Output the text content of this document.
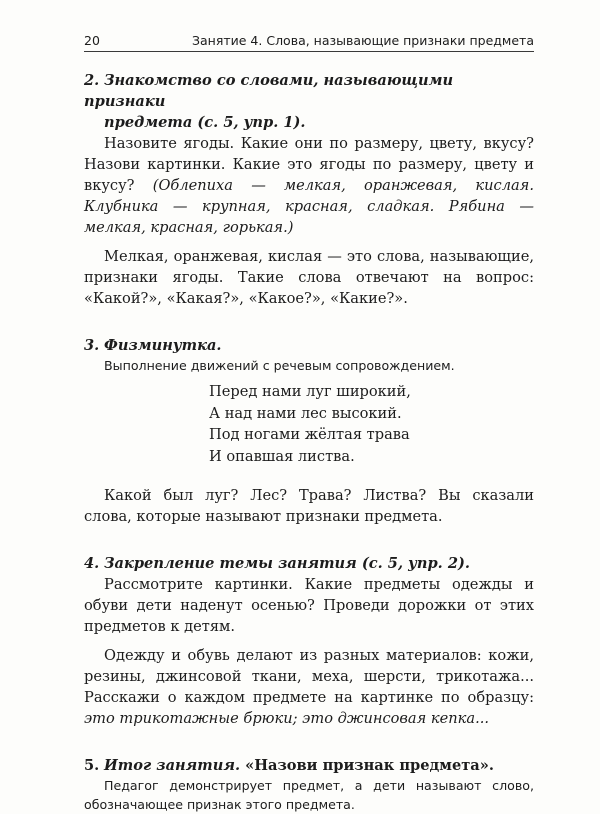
20	Занятие 4. Слова, называющие признаки предмета

2. Знакомство со словами, называющими признаки
предмета (с. 5, упр. 1).

Назовите ягоды. Какие они по размеру, цвету, вкусу? Назови картинки. Какие это ягоды по размеру, цвету и вкусу? (Облепиха — мелкая, оранжевая, кислая. Клубника — крупная, красная, сладкая. Рябина — мелкая, красная, горькая.)

Мелкая, оранжевая, кислая — это слова, называющие, признаки ягоды. Такие слова отвечают на вопрос: «Какой?», «Какая?», «Какое?», «Какие?».

3. Физминутка.

Выполнение движений с речевым сопровождением.

Перед нами луг широкий,
А над нами лес высокий.
Под ногами жёлтая трава
И опавшая листва.

Какой был луг? Лес? Трава? Листва? Вы сказали слова, которые называют признаки предмета.

4. Закрепление темы занятия (с. 5, упр. 2).

Рассмотрите картинки. Какие предметы одежды и обуви дети наденут осенью? Проведи дорожки от этих предметов к детям.

Одежду и обувь делают из разных материалов: кожи, резины, джинсовой ткани, меха, шерсти, трикотажа... Расскажи о каждом предмете на картинке по образцу: это трикотажные брюки; это джинсовая кепка...

5. Итог занятия. «Назови признак предмета».

Педагог демонстрирует предмет, а дети называют слово, обозначающее признак этого предмета.
